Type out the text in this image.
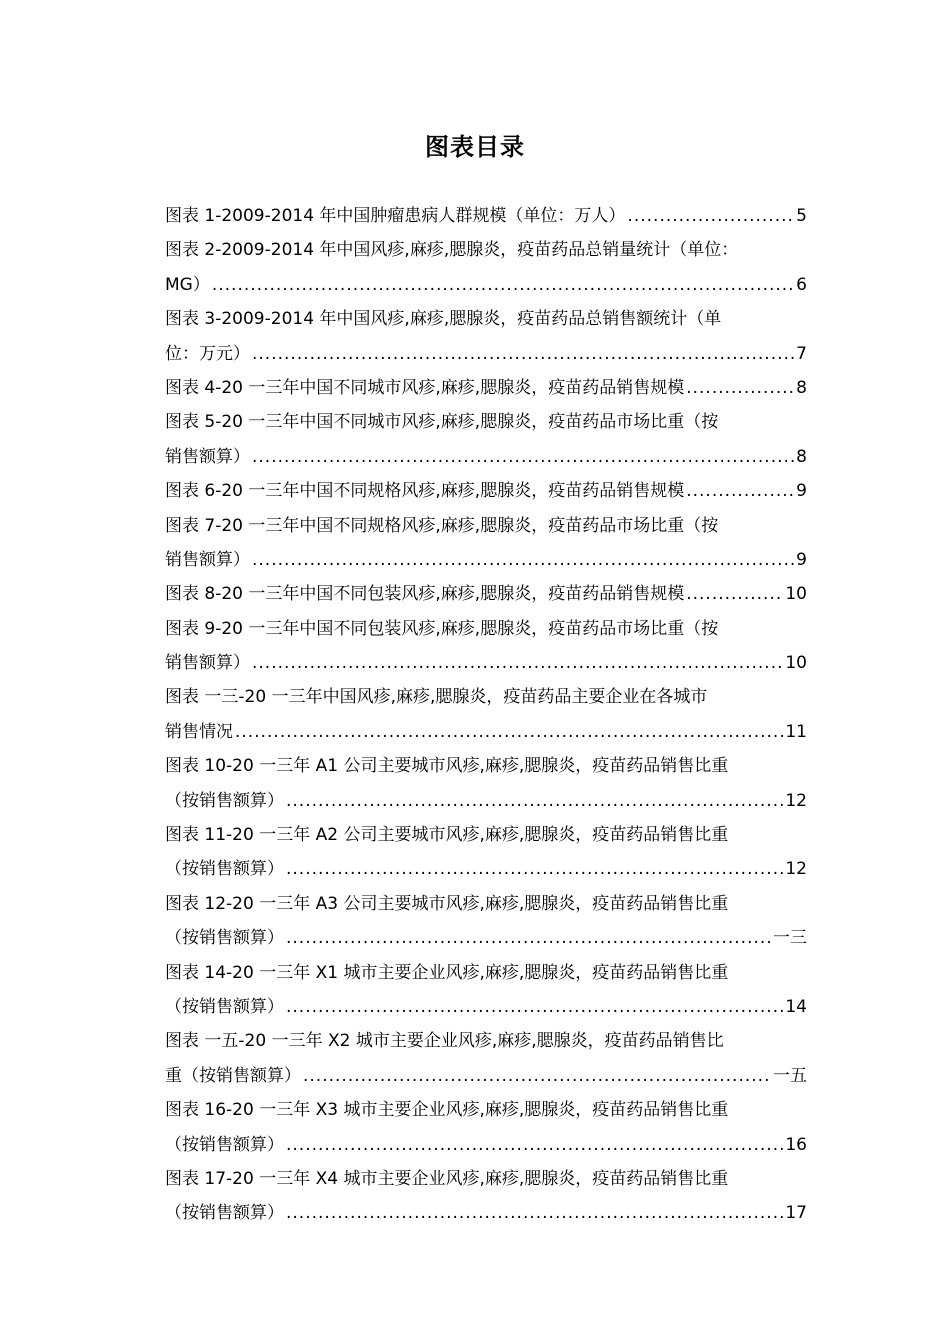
图表目录
图表 1-2009-2014 年中国肿瘤患病人群规模（单位：万人） .....	5
图表 2-2009-2014 年中国风疹,麻疹,腮腺炎，疫苗药品总销量统计（单位：
MG） .....	6
图表 3-2009-2014 年中国风疹,麻疹,腮腺炎，疫苗药品总销售额统计（单
位：万元） .....	7
图表 4-20 一三年中国不同城市风疹,麻疹,腮腺炎，疫苗药品销售规模 .....	8
图表 5-20 一三年中国不同城市风疹,麻疹,腮腺炎，疫苗药品市场比重（按
销售额算） .....	8
图表 6-20 一三年中国不同规格风疹,麻疹,腮腺炎，疫苗药品销售规模 .....	9
图表 7-20 一三年中国不同规格风疹,麻疹,腮腺炎，疫苗药品市场比重（按
销售额算） .....	9
图表 8-20 一三年中国不同包装风疹,麻疹,腮腺炎，疫苗药品销售规模 .....	10
图表 9-20 一三年中国不同包装风疹,麻疹,腮腺炎，疫苗药品市场比重（按
销售额算） .....	10
图表 一三-20 一三年中国风疹,麻疹,腮腺炎，疫苗药品主要企业在各城市
销售情况 .....	11
图表 10-20 一三年 A1 公司主要城市风疹,麻疹,腮腺炎，疫苗药品销售比重
（按销售额算） .....	12
图表 11-20 一三年 A2 公司主要城市风疹,麻疹,腮腺炎，疫苗药品销售比重
（按销售额算） .....	12
图表 12-20 一三年 A3 公司主要城市风疹,麻疹,腮腺炎，疫苗药品销售比重
（按销售额算） .....	一三
图表 14-20 一三年 X1 城市主要企业风疹,麻疹,腮腺炎，疫苗药品销售比重
（按销售额算） .....	14
图表 一五-20 一三年 X2 城市主要企业风疹,麻疹,腮腺炎，疫苗药品销售比
重（按销售额算） .....	一五
图表 16-20 一三年 X3 城市主要企业风疹,麻疹,腮腺炎，疫苗药品销售比重
（按销售额算） .....	16
图表 17-20 一三年 X4 城市主要企业风疹,麻疹,腮腺炎，疫苗药品销售比重
（按销售额算） .....	17
